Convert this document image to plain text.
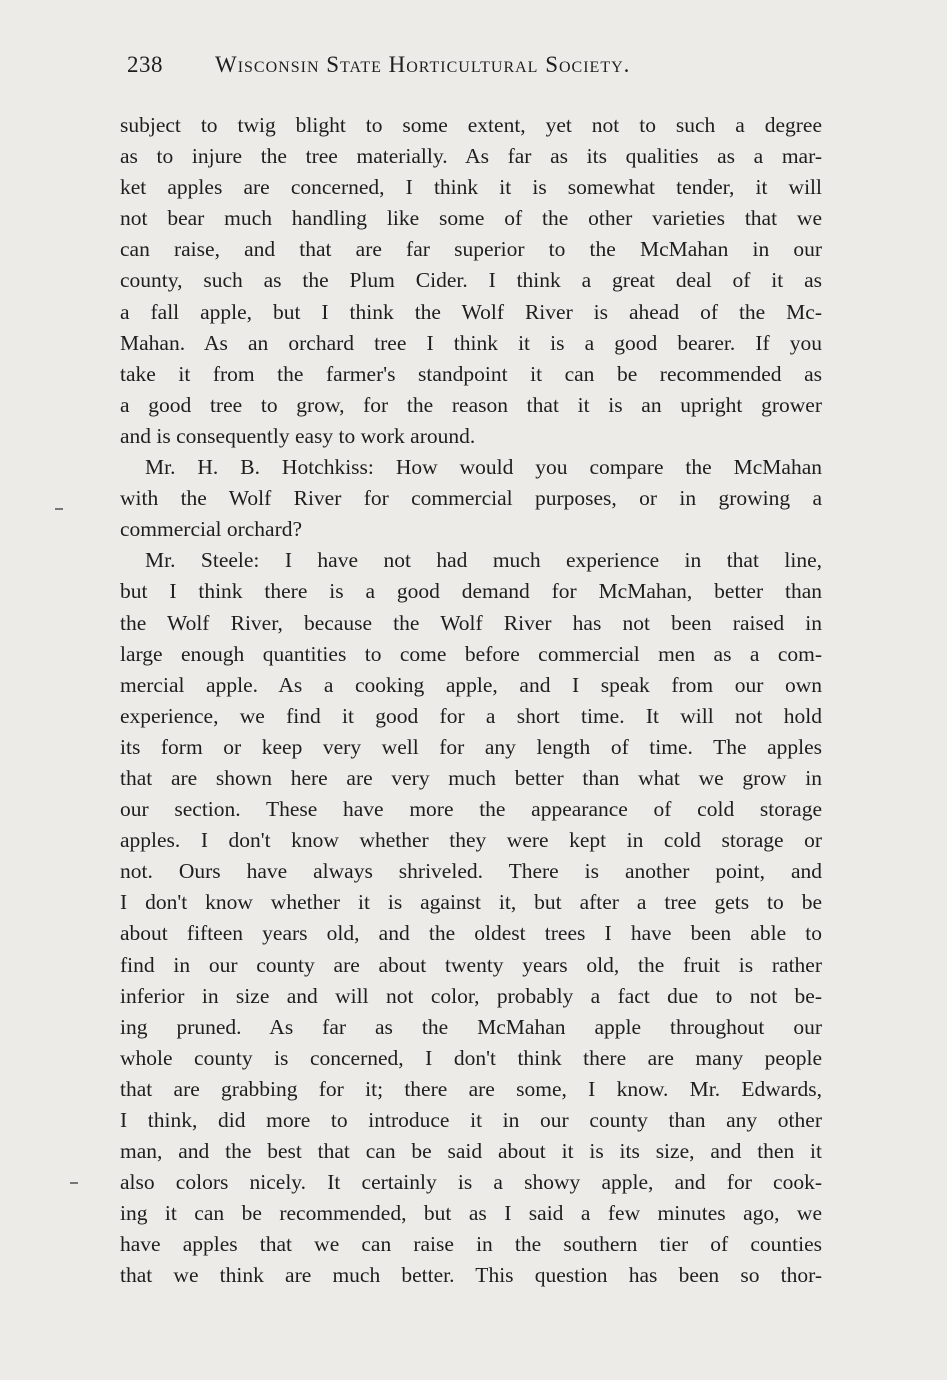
238 Wisconsin State Horticultural Society.
subject to twig blight to some extent, yet not to such a degree
as to injure the tree materially. As far as its qualities as a mar-
ket apples are concerned, I think it is somewhat tender, it will
not bear much handling like some of the other varieties that we
can raise, and that are far superior to the McMahan in our
county, such as the Plum Cider. I think a great deal of it as
a fall apple, but I think the Wolf River is ahead of the Mc-
Mahan. As an orchard tree I think it is a good bearer. If you
take it from the farmer's standpoint it can be recommended as
a good tree to grow, for the reason that it is an upright grower
and is consequently easy to work around.
Mr. H. B. Hotchkiss: How would you compare the McMahan
with the Wolf River for commercial purposes, or in growing a
commercial orchard?
Mr. Steele: I have not had much experience in that line,
but I think there is a good demand for McMahan, better than
the Wolf River, because the Wolf River has not been raised in
large enough quantities to come before commercial men as a com-
mercial apple. As a cooking apple, and I speak from our own
experience, we find it good for a short time. It will not hold
its form or keep very well for any length of time. The apples
that are shown here are very much better than what we grow in
our section. These have more the appearance of cold storage
apples. I don't know whether they were kept in cold storage or
not. Ours have always shriveled. There is another point, and
I don't know whether it is against it, but after a tree gets to be
about fifteen years old, and the oldest trees I have been able to
find in our county are about twenty years old, the fruit is rather
inferior in size and will not color, probably a fact due to not be-
ing pruned. As far as the McMahan apple throughout our
whole county is concerned, I don't think there are many people
that are grabbing for it; there are some, I know. Mr. Edwards,
I think, did more to introduce it in our county than any other
man, and the best that can be said about it is its size, and then it
also colors nicely. It certainly is a showy apple, and for cook-
ing it can be recommended, but as I said a few minutes ago, we
have apples that we can raise in the southern tier of counties
that we think are much better. This question has been so thor-
